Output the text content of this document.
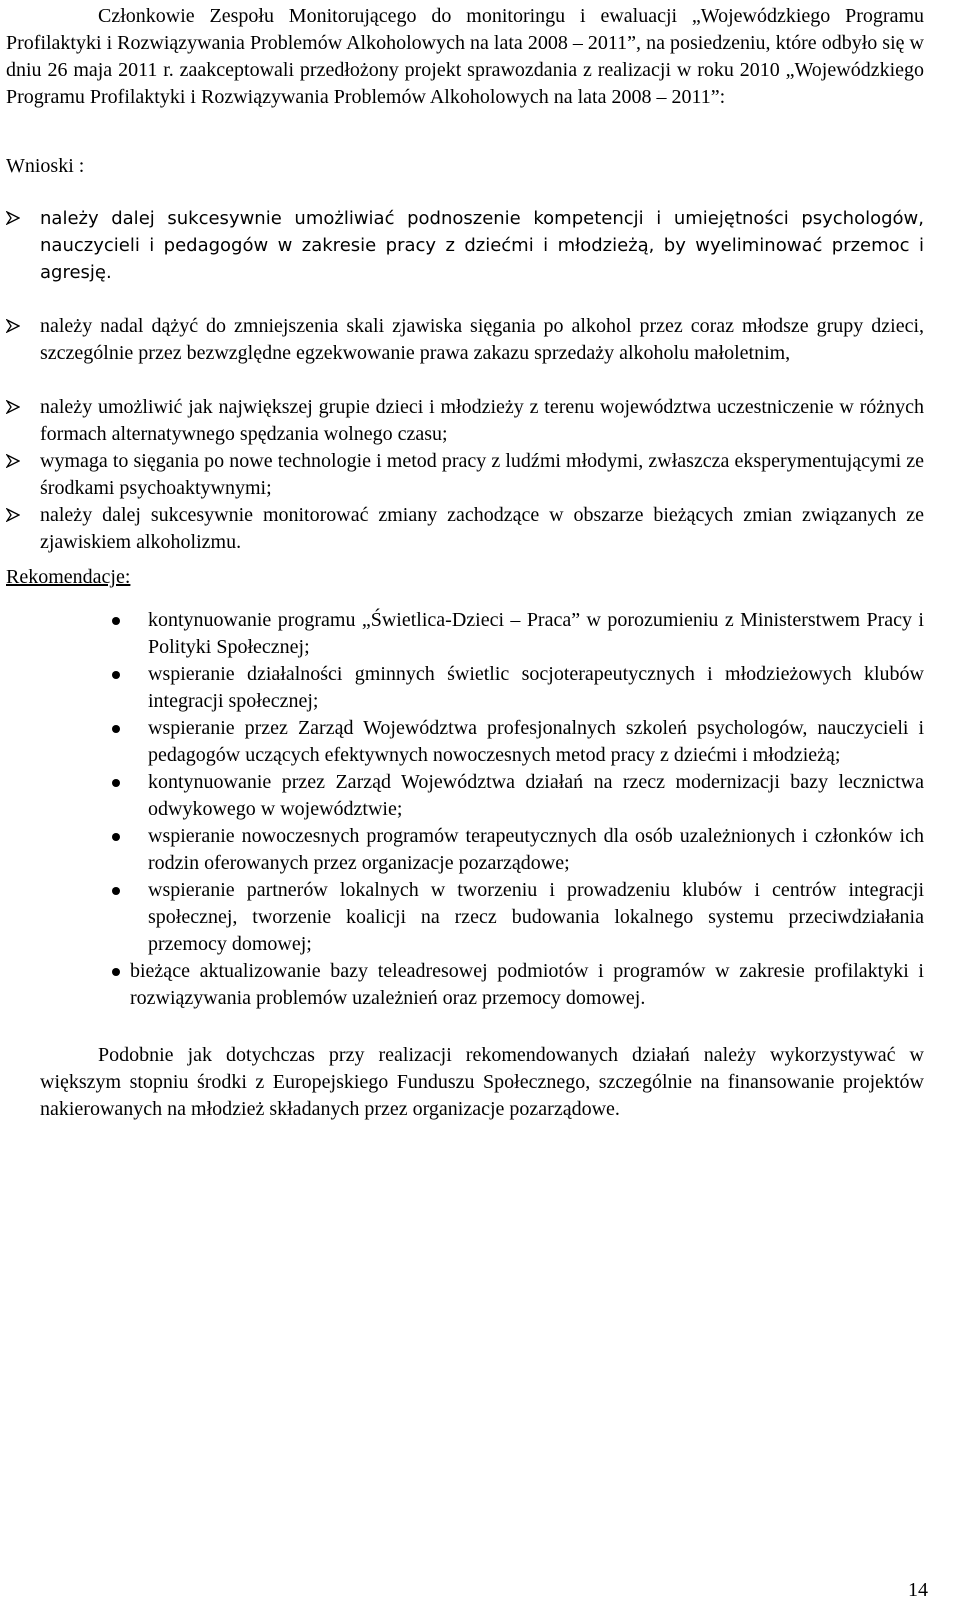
Członkowie Zespołu Monitorującego do monitoringu i ewaluacji „Wojewódzkiego Programu Profilaktyki i Rozwiązywania Problemów Alkoholowych na lata 2008 – 2011”, na posiedzeniu, które odbyło się w dniu 26 maja 2011 r. zaakceptowali przedłożony projekt sprawozdania z realizacji w roku 2010 „Wojewódzkiego Programu Profilaktyki i Rozwiązywania Problemów Alkoholowych na lata 2008 – 2011”:

Wnioski :

należy dalej sukcesywnie umożliwiać podnoszenie kompetencji i umiejętności psychologów, nauczycieli i pedagogów w zakresie pracy z dziećmi i młodzieżą, by wyeliminować przemoc i agresję.
należy nadal dążyć do zmniejszenia skali zjawiska sięgania po alkohol przez coraz młodsze grupy dzieci, szczególnie przez bezwzględne egzekwowanie prawa zakazu sprzedaży alkoholu małoletnim,
należy umożliwić jak największej grupie dzieci i młodzieży z terenu województwa uczestniczenie w różnych formach alternatywnego spędzania wolnego czasu;
wymaga to sięgania po nowe technologie i metod pracy z ludźmi młodymi, zwłaszcza eksperymentującymi ze środkami psychoaktywnymi;
należy dalej sukcesywnie monitorować zmiany zachodzące w obszarze bieżących zmian związanych ze zjawiskiem alkoholizmu.

Rekomendacje:

kontynuowanie programu „Świetlica-Dzieci – Praca” w porozumieniu z Ministerstwem Pracy i Polityki Społecznej;
wspieranie działalności gminnych świetlic socjoterapeutycznych i młodzieżowych klubów integracji społecznej;
wspieranie przez Zarząd Województwa profesjonalnych szkoleń psychologów, nauczycieli i pedagogów uczących efektywnych nowoczesnych metod pracy z dziećmi i młodzieżą;
kontynuowanie przez Zarząd Województwa działań na rzecz modernizacji bazy lecznictwa odwykowego w województwie;
wspieranie nowoczesnych programów terapeutycznych dla osób uzależnionych i członków ich rodzin oferowanych przez organizacje pozarządowe;
wspieranie partnerów lokalnych w tworzeniu i prowadzeniu klubów i centrów integracji społecznej, tworzenie koalicji na rzecz budowania lokalnego systemu przeciwdziałania przemocy domowej;
bieżące aktualizowanie bazy teleadresowej podmiotów i programów w zakresie profilaktyki i rozwiązywania problemów uzależnień oraz przemocy domowej.

Podobnie jak dotychczas przy realizacji rekomendowanych działań należy wykorzystywać w większym stopniu środki z Europejskiego Funduszu Społecznego, szczególnie na finansowanie projektów nakierowanych na młodzież składanych przez organizacje pozarządowe.

14
